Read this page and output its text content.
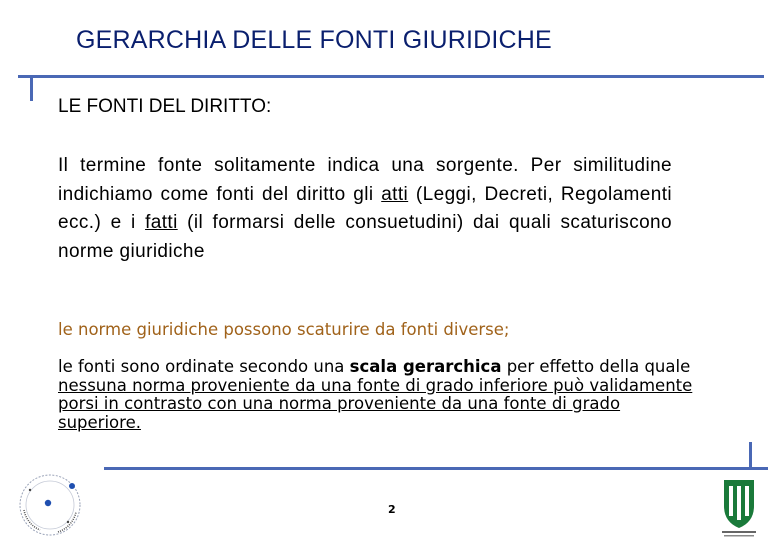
GERARCHIA DELLE FONTI GIURIDICHE
LE FONTI DEL DIRITTO:
Il termine fonte solitamente indica una sorgente. Per similitudine indichiamo come fonti del diritto gli atti (Leggi, Decreti, Regolamenti ecc.) e i fatti (il formarsi delle consuetudini) dai quali scaturiscono norme giuridiche
le norme giuridiche possono scaturire da fonti diverse;
le fonti sono ordinate secondo una scala gerarchica per effetto della quale nessuna norma proveniente da una fonte di grado inferiore può validamente porsi in contrasto con una norma proveniente da una fonte di grado superiore.
2
